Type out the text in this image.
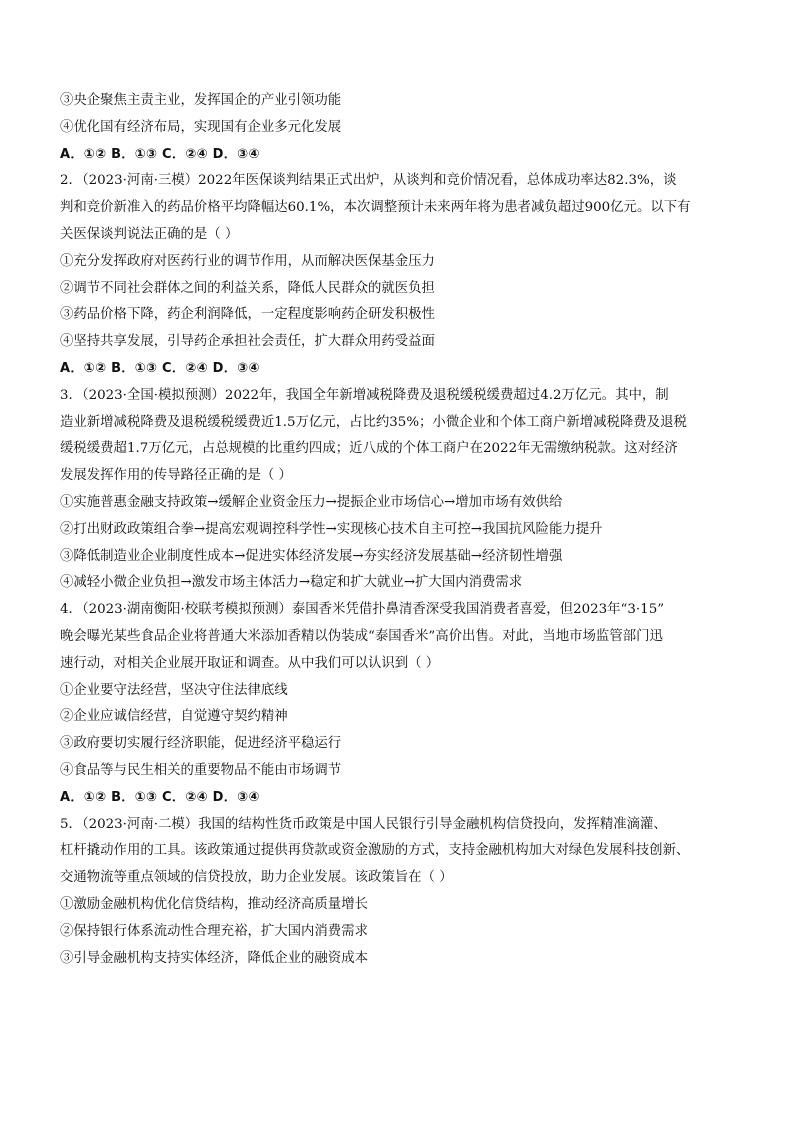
③央企聚焦主责主业，发挥国企的产业引领功能
④优化国有经济布局，实现国有企业多元化发展
A．①② B．①③ C．②④ D．③④
2．（2023·河南·三模）2022年医保谈判结果正式出炉，从谈判和竞价情况看，总体成功率达82.3%，谈
判和竞价新准入的药品价格平均降幅达60.1%，本次调整预计未来两年将为患者减负超过900亿元。以下有
关医保谈判说法正确的是（ ）
①充分发挥政府对医药行业的调节作用，从而解决医保基金压力
②调节不同社会群体之间的利益关系，降低人民群众的就医负担
③药品价格下降，药企利润降低，一定程度影响药企研发积极性
④坚持共享发展，引导药企承担社会责任，扩大群众用药受益面
A．①② B．①③ C．②④ D．③④
3．（2023·全国·模拟预测）2022年，我国全年新增减税降费及退税缓税缓费超过4.2万亿元。其中，制
造业新增减税降费及退税缓税缓费近1.5万亿元，占比约35%；小微企业和个体工商户新增减税降费及退税
缓税缓费超1.7万亿元，占总规模的比重约四成；近八成的个体工商户在2022年无需缴纳税款。这对经济
发展发挥作用的传导路径正确的是（ ）
①实施普惠金融支持政策→缓解企业资金压力→提振企业市场信心→增加市场有效供给
②打出财政政策组合拳→提高宏观调控科学性→实现核心技术自主可控→我国抗风险能力提升
③降低制造业企业制度性成本→促进实体经济发展→夯实经济发展基础→经济韧性增强
④减轻小微企业负担→激发市场主体活力→稳定和扩大就业→扩大国内消费需求
4．（2023·湖南衡阳·校联考模拟预测）泰国香米凭借扑鼻清香深受我国消费者喜爱，但2023年“3·15”
晚会曝光某些食品企业将普通大米添加香精以伪装成“泰国香米”高价出售。对此，当地市场监管部门迅
速行动，对相关企业展开取证和调查。从中我们可以认识到（ ）
①企业要守法经营，坚决守住法律底线
②企业应诚信经营，自觉遵守契约精神
③政府要切实履行经济职能，促进经济平稳运行
④食品等与民生相关的重要物品不能由市场调节
A．①② B．①③ C．②④ D．③④
5．（2023·河南·二模）我国的结构性货币政策是中国人民银行引导金融机构信贷投向，发挥精准滴灌、
杠杆撬动作用的工具。该政策通过提供再贷款或资金激励的方式，支持金融机构加大对绿色发展科技创新、
交通物流等重点领域的信贷投放，助力企业发展。该政策旨在（ ）
①激励金融机构优化信贷结构，推动经济高质量增长
②保持银行体系流动性合理充裕，扩大国内消费需求
③引导金融机构支持实体经济，降低企业的融资成本
